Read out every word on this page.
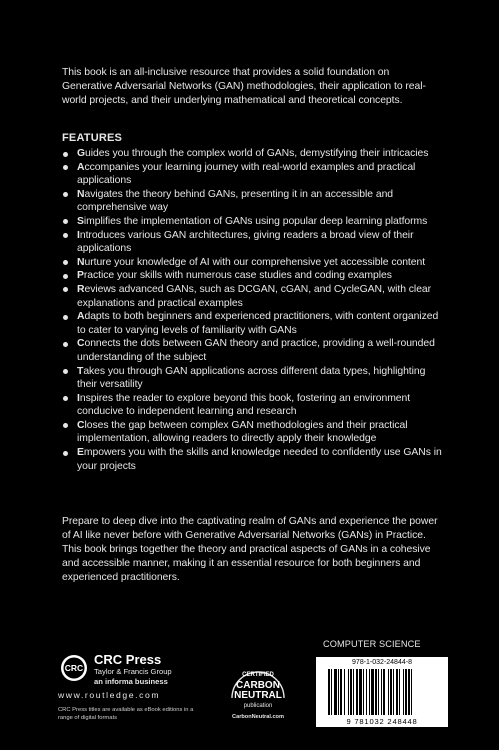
This book is an all-inclusive resource that provides a solid foundation on Generative Adversarial Networks (GAN) methodologies, their application to real-world projects, and their underlying mathematical and theoretical concepts.
FEATURES
Guides you through the complex world of GANs, demystifying their intricacies
Accompanies your learning journey with real-world examples and practical applications
Navigates the theory behind GANs, presenting it in an accessible and comprehensive way
Simplifies the implementation of GANs using popular deep learning platforms
Introduces various GAN architectures, giving readers a broad view of their applications
Nurture your knowledge of AI with our comprehensive yet accessible content
Practice your skills with numerous case studies and coding examples
Reviews advanced GANs, such as DCGAN, cGAN, and CycleGAN, with clear explanations and practical examples
Adapts to both beginners and experienced practitioners, with content organized to cater to varying levels of familiarity with GANs
Connects the dots between GAN theory and practice, providing a well-rounded understanding of the subject
Takes you through GAN applications across different data types, highlighting their versatility
Inspires the reader to explore beyond this book, fostering an environment conducive to independent learning and research
Closes the gap between complex GAN methodologies and their practical implementation, allowing readers to directly apply their knowledge
Empowers you with the skills and knowledge needed to confidently use GANs in your projects
Prepare to deep dive into the captivating realm of GANs and experience the power of AI like never before with Generative Adversarial Networks (GANs) in Practice. This book brings together the theory and practical aspects of GANs in a cohesive and accessible manner, making it an essential resource for both beginners and experienced practitioners.
CRC
CRC Press
Taylor & Francis Group
an informa business
www.routledge.com
CRC Press titles are available as eBook editions in a range of digital formats
CERTIFIED
CARBON
NEUTRAL
publication
CarbonNeutral.com
COMPUTER SCIENCE
978-1-032-24844-8
9 781032 248448
